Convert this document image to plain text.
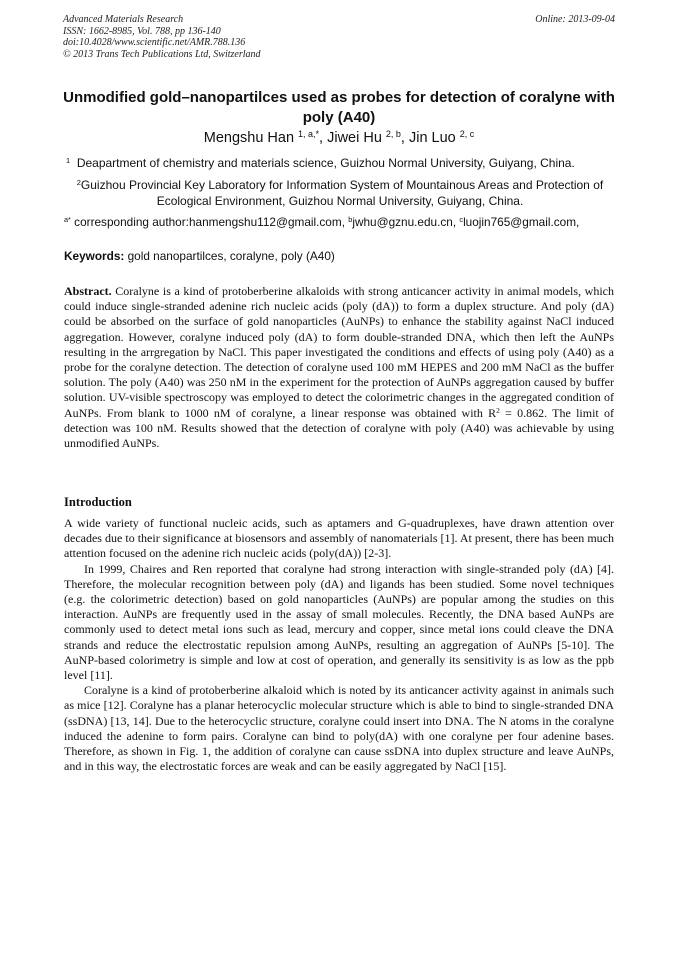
Advanced Materials Research
ISSN: 1662-8985, Vol. 788, pp 136-140
doi:10.4028/www.scientific.net/AMR.788.136
© 2013 Trans Tech Publications Ltd, Switzerland
Online: 2013-09-04
Unmodified gold–nanopartilces used as probes for detection of coralyne with poly (A40)
Mengshu Han $^{1, a,*}$, Jiwei Hu $^{2, b}$, Jin Luo $^{2, c}$
$^1$ Deapartment of chemistry and materials science, Guizhou Normal University, Guiyang, China.
$^2$Guizhou Provincial Key Laboratory for Information System of Mountainous Areas and Protection of Ecological Environment, Guizhou Normal University, Guiyang, China.
$^{a*}$ corresponding author:hanmengshu112@gmail.com, $^b$jwhu@gznu.edu.cn, $^c$luojin765@gmail.com,
Keywords: gold nanopartilces, coralyne, poly (A40)
Abstract. Coralyne is a kind of protoberberine alkaloids with strong anticancer activity in animal models, which could induce single-stranded adenine rich nucleic acids (poly (dA)) to form a duplex structure. And poly (dA) could be absorbed on the surface of gold nanoparticles (AuNPs) to enhance the stability against NaCl induced aggregation. However, coralyne induced poly (dA) to form double-stranded DNA, which then left the AuNPs resulting in the arrgregation by NaCl. This paper investigated the conditions and effects of using poly (A40) as a probe for the coralyne detection. The detection of coralyne used 100 mM HEPES and 200 mM NaCl as the buffer solution. The poly (A40) was 250 nM in the experiment for the protection of AuNPs aggregation caused by buffer solution. UV-visible spectroscopy was employed to detect the colorimetric changes in the aggregated condition of AuNPs. From blank to 1000 nM of coralyne, a linear response was obtained with $R^2 = 0.862$. The limit of detection was 100 nM. Results showed that the detection of coralyne with poly (A40) was achievable by using unmodified AuNPs.
Introduction

A wide variety of functional nucleic acids, such as aptamers and G-quadruplexes, have drawn attention over decades due to their significance at biosensors and assembly of nanomaterials [1]. At present, there has been much attention focused on the adenine rich nucleic acids (poly(dA)) [2-3].

In 1999, Chaires and Ren reported that coralyne had strong interaction with single-stranded poly (dA) [4]. Therefore, the molecular recognition between poly (dA) and ligands has been studied. Some novel techniques (e.g. the colorimetric detection) based on gold nanoparticles (AuNPs) are popular among the studies on this interaction. AuNPs are frequently used in the assay of small molecules. Recently, the DNA based AuNPs are commonly used to detect metal ions such as lead, mercury and copper, since metal ions could cleave the DNA strands and reduce the electrostatic repulsion among AuNPs, resulting an aggregation of AuNPs [5-10]. The AuNP-based colorimetry is simple and low at cost of operation, and generally its sensitivity is as low as the ppb level [11].

Coralyne is a kind of protoberberine alkaloid which is noted by its anticancer activity against in animals such as mice [12]. Coralyne has a planar heterocyclic molecular structure which is able to bind to single-stranded DNA (ssDNA) [13, 14]. Due to the heterocyclic structure, coralyne could insert into DNA. The N atoms in the coralyne induced the adenine to form pairs. Coralyne can bind to poly(dA) with one coralyne per four adenine bases. Therefore, as shown in Fig. 1, the addition of coralyne can cause ssDNA into duplex structure and leave AuNPs, and in this way, the electrostatic forces are weak and can be easily aggregated by NaCl [15].
